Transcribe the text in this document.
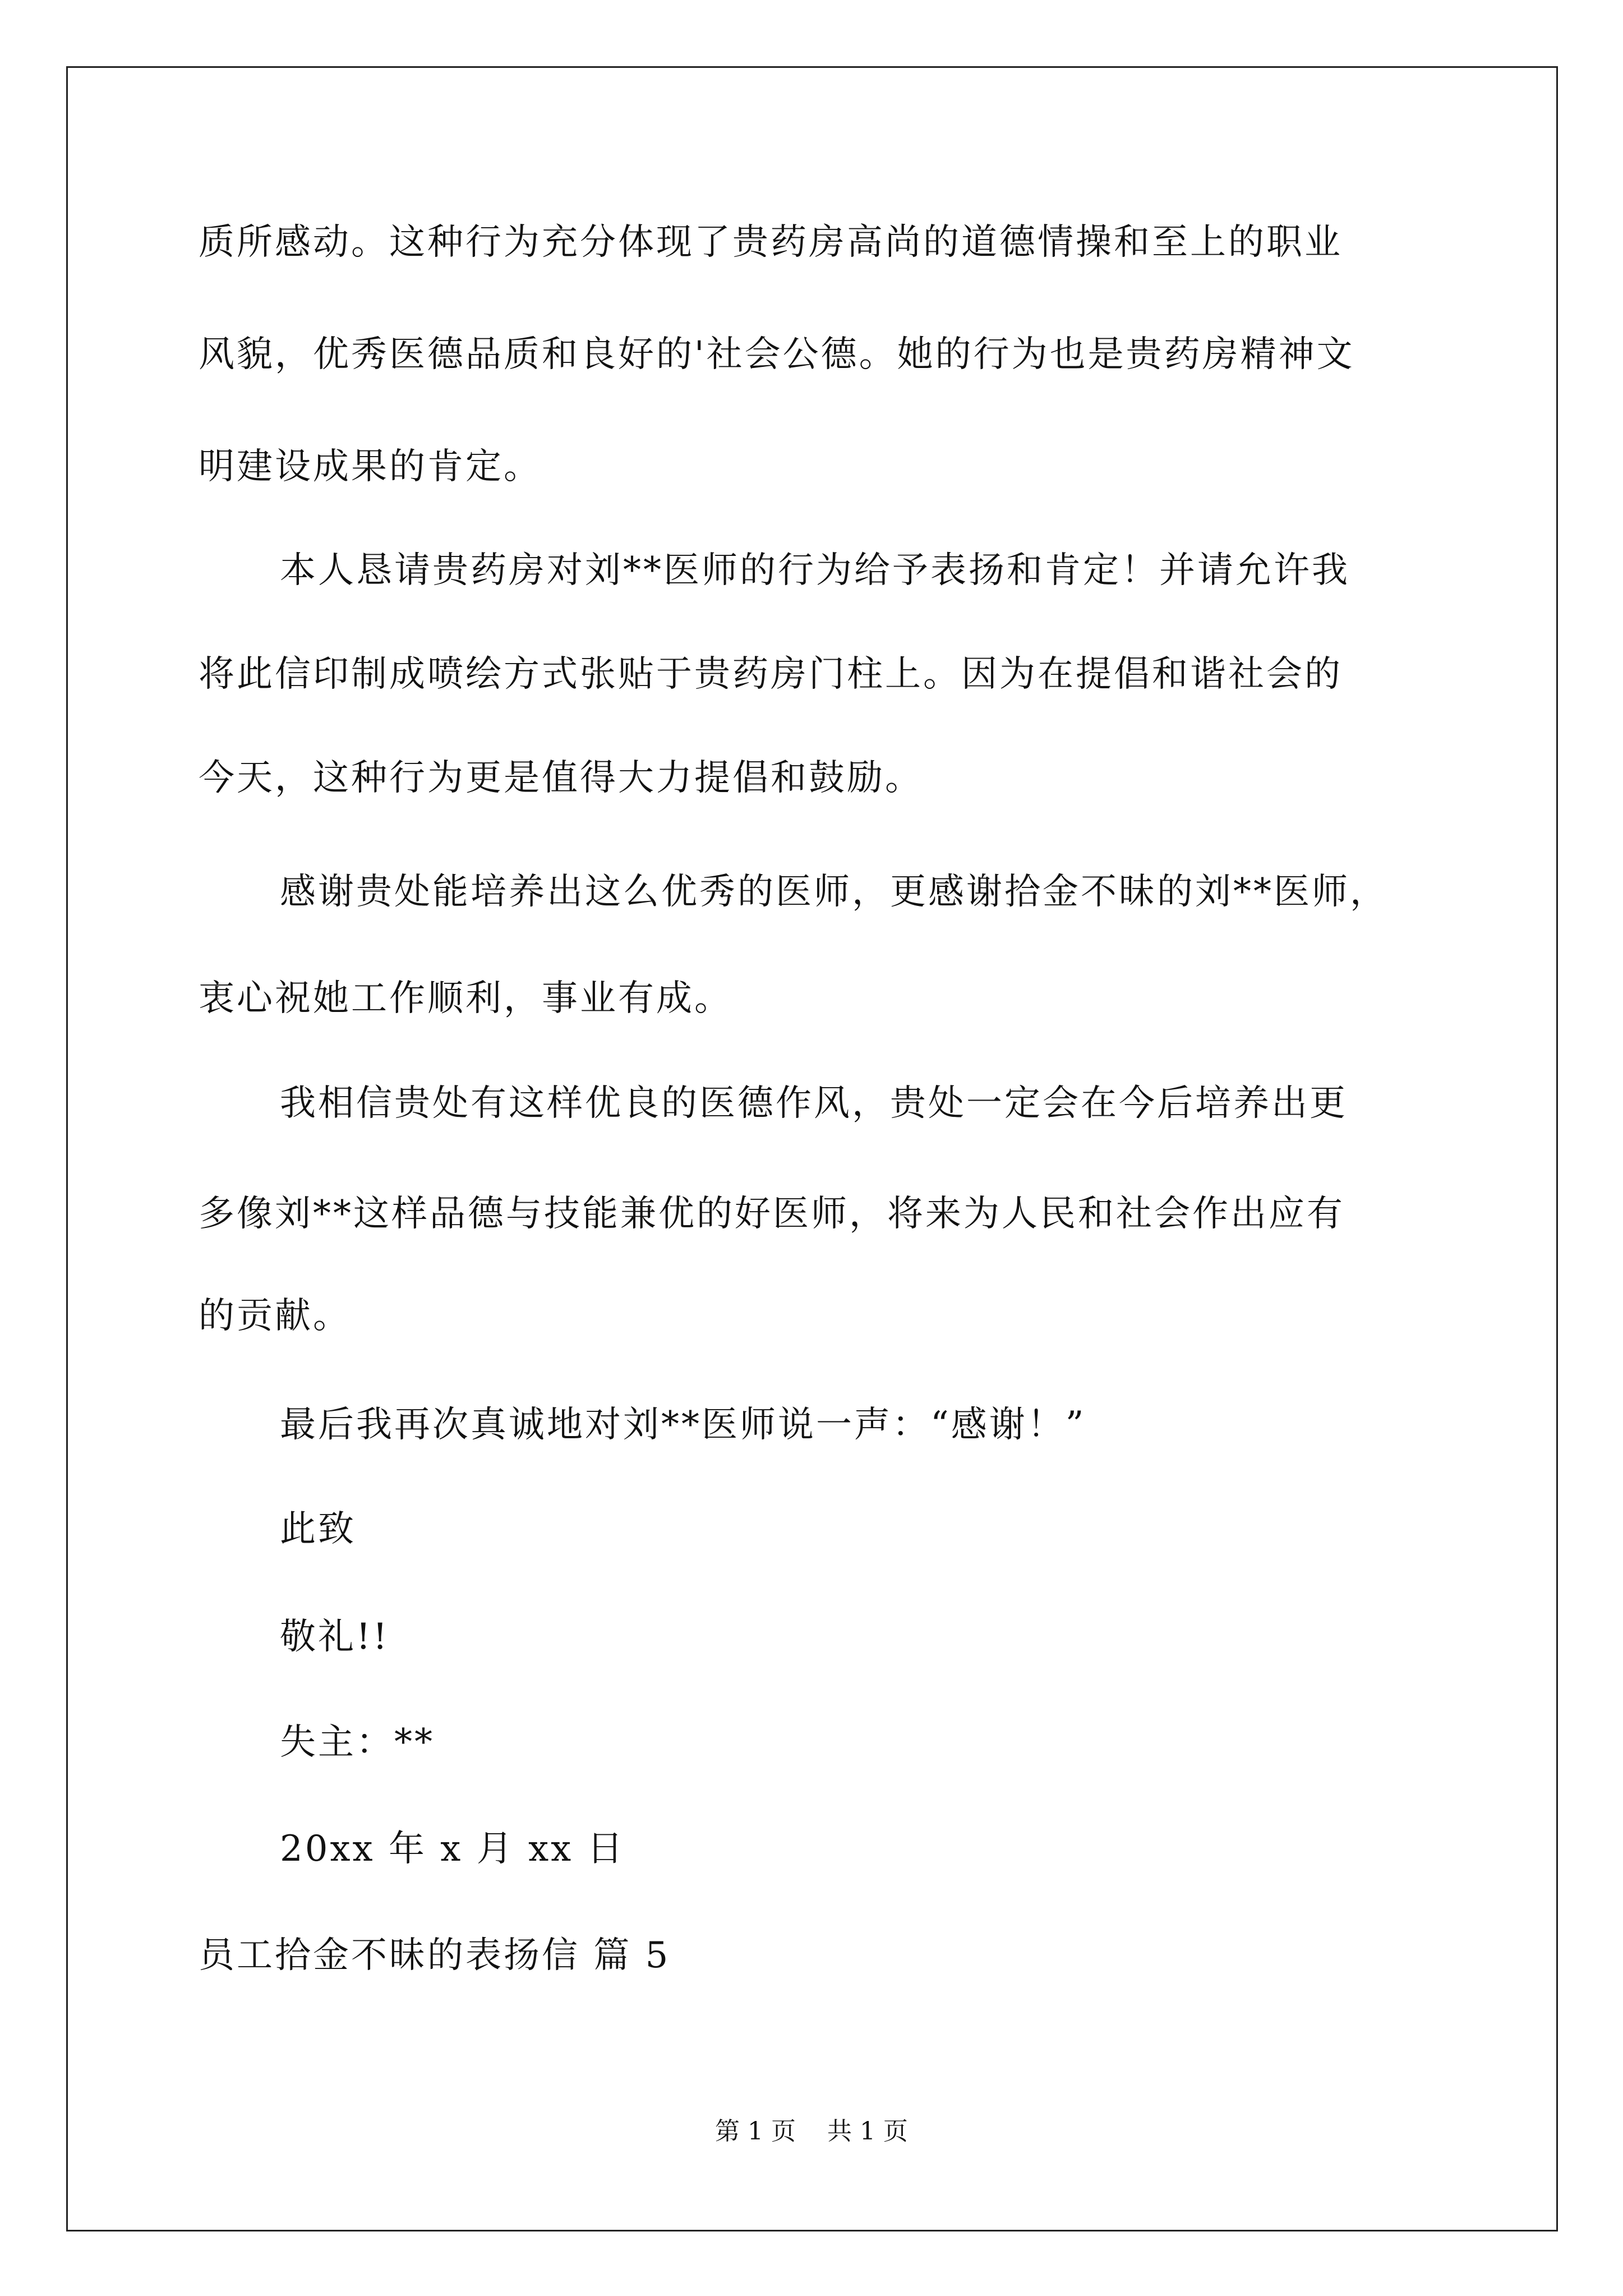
质所感动。这种行为充分体现了贵药房高尚的道德情操和至上的职业
风貌，优秀医德品质和良好的'社会公德。她的行为也是贵药房精神文
明建设成果的肯定。
本人恳请贵药房对刘**医师的行为给予表扬和肯定！并请允许我
将此信印制成喷绘方式张贴于贵药房门柱上。因为在提倡和谐社会的
今天，这种行为更是值得大力提倡和鼓励。
感谢贵处能培养出这么优秀的医师，更感谢拾金不昧的刘**医师，
衷心祝她工作顺利，事业有成。
我相信贵处有这样优良的医德作风，贵处一定会在今后培养出更
多像刘**这样品德与技能兼优的好医师，将来为人民和社会作出应有
的贡献。
最后我再次真诚地对刘**医师说一声：“感谢！”
此致
敬礼!!
失主：**
20xx 年 x 月 xx 日
员工拾金不昧的表扬信 篇 5
第 1 页    共 1 页
